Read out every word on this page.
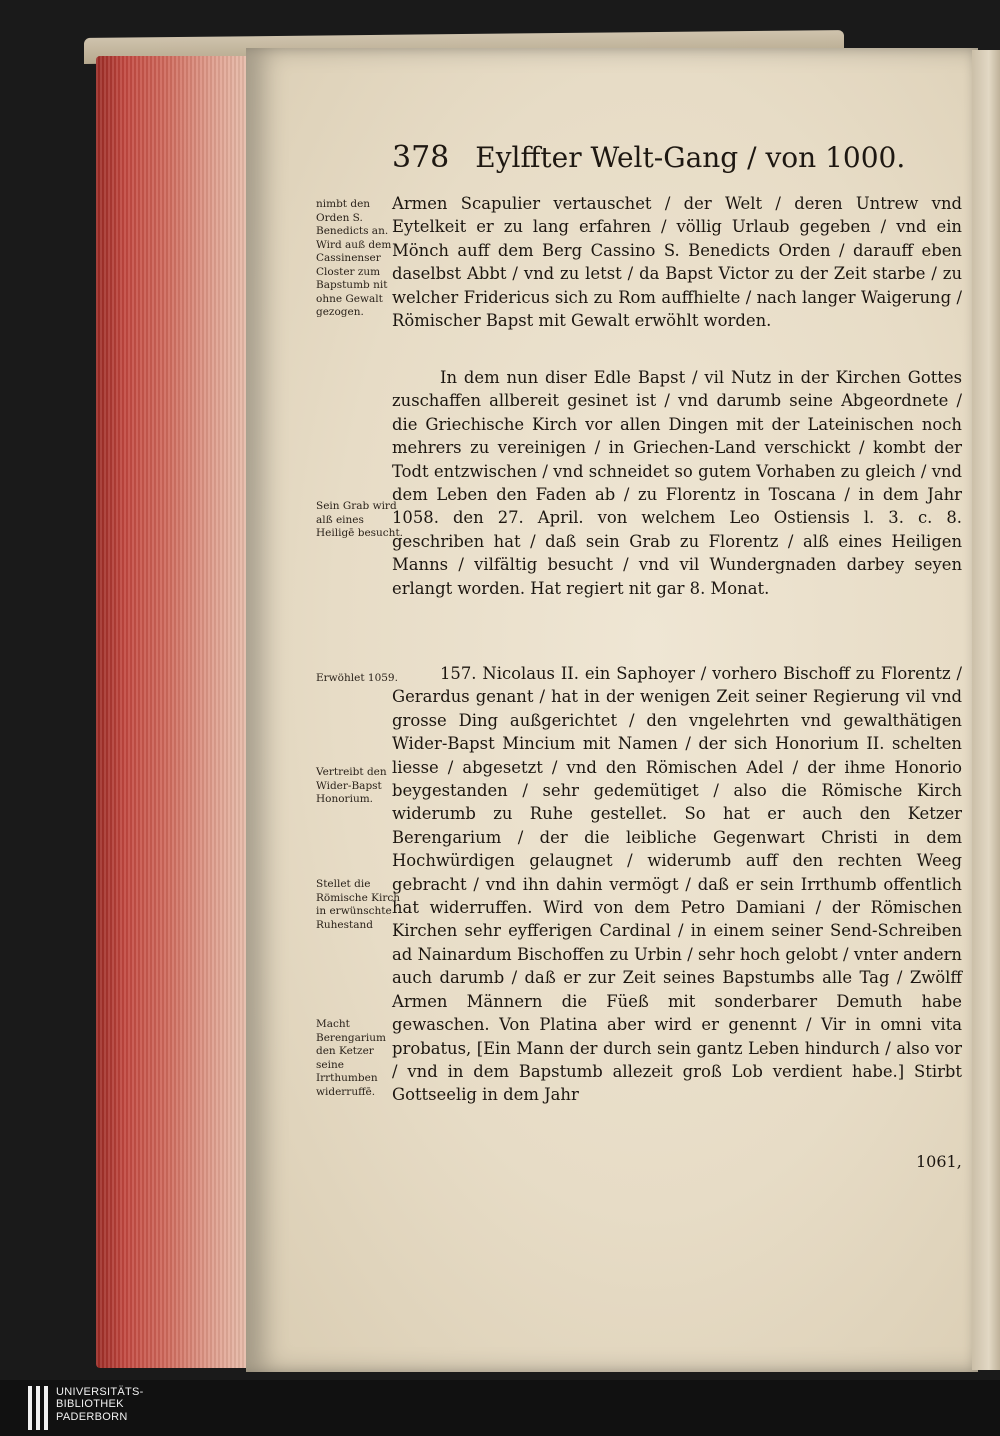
378 Eylffter Welt-Gang / von 1000.
nimbt den Orden S. Benedicts an. Wird auß dem Cassinenser Closter zum Bapstumb nit ohne Gewalt gezogen.
Sein Grab wird alß eines Heiligē besucht.
Erwöhlet 1059.
Vertreibt den Wider-Bapst Honorium.
Stellet die Römische Kirch in erwünschte Ruhestand
Macht Berengarium den Ketzer seine Irrthumben widerruffē.

Armen Scapulier vertauschet / der Welt / deren Untrew vnd Eytelkeit er zu lang erfahren / völlig Urlaub gegeben / vnd ein Mönch auff dem Berg Cassino S. Benedicts Orden / darauff eben daselbst Abbt / vnd zu letst / da Bapst Victor zu der Zeit starbe / zu welcher Fridericus sich zu Rom auffhielte / nach langer Waigerung / Römischer Bapst mit Gewalt erwöhlt worden.

In dem nun diser Edle Bapst / vil Nutz in der Kirchen Gottes zuschaffen allbereit gesinet ist / vnd darumb seine Abgeordnete / die Griechische Kirch vor allen Dingen mit der Lateinischen noch mehrers zu vereinigen / in Griechen-Land verschickt / kombt der Todt entzwischen / vnd schneidet so gutem Vorhaben zu gleich / vnd dem Leben den Faden ab / zu Florentz in Toscana / in dem Jahr 1058. den 27. April. von welchem Leo Ostiensis l. 3. c. 8. geschriben hat / daß sein Grab zu Florentz / alß eines Heiligen Manns / vilfältig besucht / vnd vil Wundergnaden darbey seyen erlangt worden. Hat regiert nit gar 8. Monat.

157. Nicolaus II. ein Saphoyer / vorhero Bischoff zu Florentz / Gerardus genant / hat in der wenigen Zeit seiner Regierung vil vnd grosse Ding außgerichtet / den vngelehrten vnd gewalthätigen Wider-Bapst Mincium mit Namen / der sich Honorium II. schelten liesse / abgesetzt / vnd den Römischen Adel / der ihme Honorio beygestanden / sehr gedemütiget / also die Römische Kirch widerumb zu Ruhe gestellet. So hat er auch den Ketzer Berengarium / der die leibliche Gegenwart Christi in dem Hochwürdigen gelaugnet / widerumb auff den rechten Weeg gebracht / vnd ihn dahin vermögt / daß er sein Irrthumb offentlich hat widerruffen. Wird von dem Petro Damiani / der Römischen Kirchen sehr eyfferigen Cardinal / in einem seiner Send-Schreiben ad Nainardum Bischoffen zu Urbin / sehr hoch gelobt / vnter andern auch darumb / daß er zur Zeit seines Bapstumbs alle Tag / Zwölff Armen Männern die Füeß mit sonderbarer Demuth habe gewaschen. Von Platina aber wird er genennt / Vir in omni vita probatus, [Ein Mann der durch sein gantz Leben hindurch / also vor / vnd in dem Bapstumb allezeit groß Lob verdient habe.] Stirbt Gottseelig in dem Jahr

1061,
UNIVERSITÄTS-
BIBLIOTHEK
PADERBORN
